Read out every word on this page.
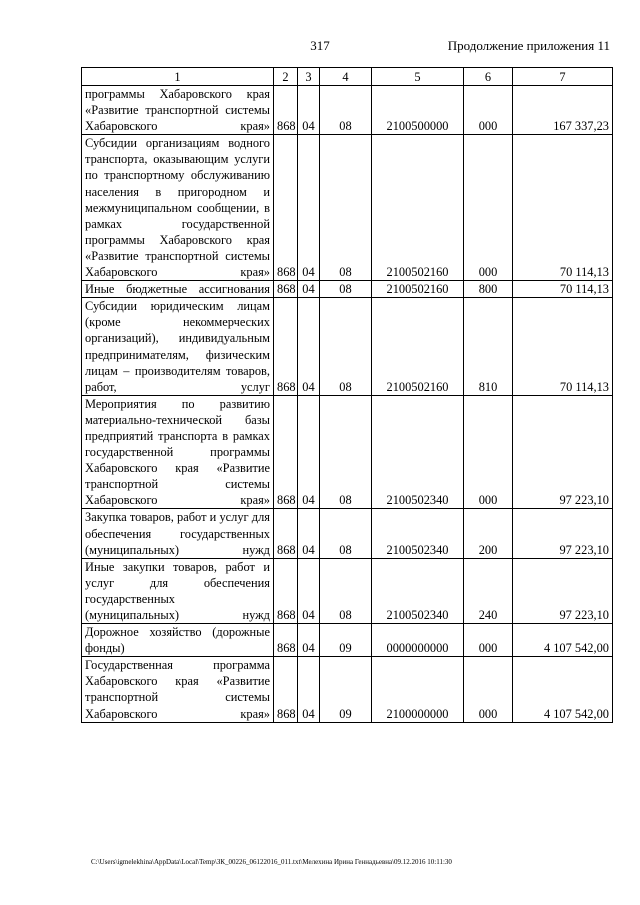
317	Продолжение приложения 11
1	2	3	4	5	6	7
программы Хабаровского края «Развитие транспортной системы Хабаровского края»	868	04	08	2100500000	000	167 337,23
Субсидии организациям водного транспорта, оказывающим услуги по транспортному обслуживанию населения в пригородном и межмуниципальном сообщении, в рамках государственной программы Хабаровского края «Развитие транспортной системы Хабаровского края»	868	04	08	2100502160	000	70 114,13
Иные бюджетные ассигнования	868	04	08	2100502160	800	70 114,13
Субсидии юридическим лицам (кроме некоммерческих организаций), индивидуальным предпринимателям, физическим лицам – производителям товаров, работ, услуг	868	04	08	2100502160	810	70 114,13
Мероприятия по развитию материально-технической базы предприятий транспорта в рамках государственной программы Хабаровского края «Развитие транспортной системы Хабаровского края»	868	04	08	2100502340	000	97 223,10
Закупка товаров, работ и услуг для обеспечения государственных (муниципальных) нужд	868	04	08	2100502340	200	97 223,10
Иные закупки товаров, работ и услуг для обеспечения государственных (муниципальных) нужд	868	04	08	2100502340	240	97 223,10
Дорожное хозяйство (дорожные фонды)	868	04	09	0000000000	000	4 107 542,00
Государственная программа Хабаровского края «Развитие транспортной системы Хабаровского края»	868	04	09	2100000000	000	4 107 542,00
C:\Users\igmelekhina\AppData\Local\Temp\ЗК_00226_06122016_011.txt\Мелехина Ирина Геннадьевна\09.12.2016 10:11:30
